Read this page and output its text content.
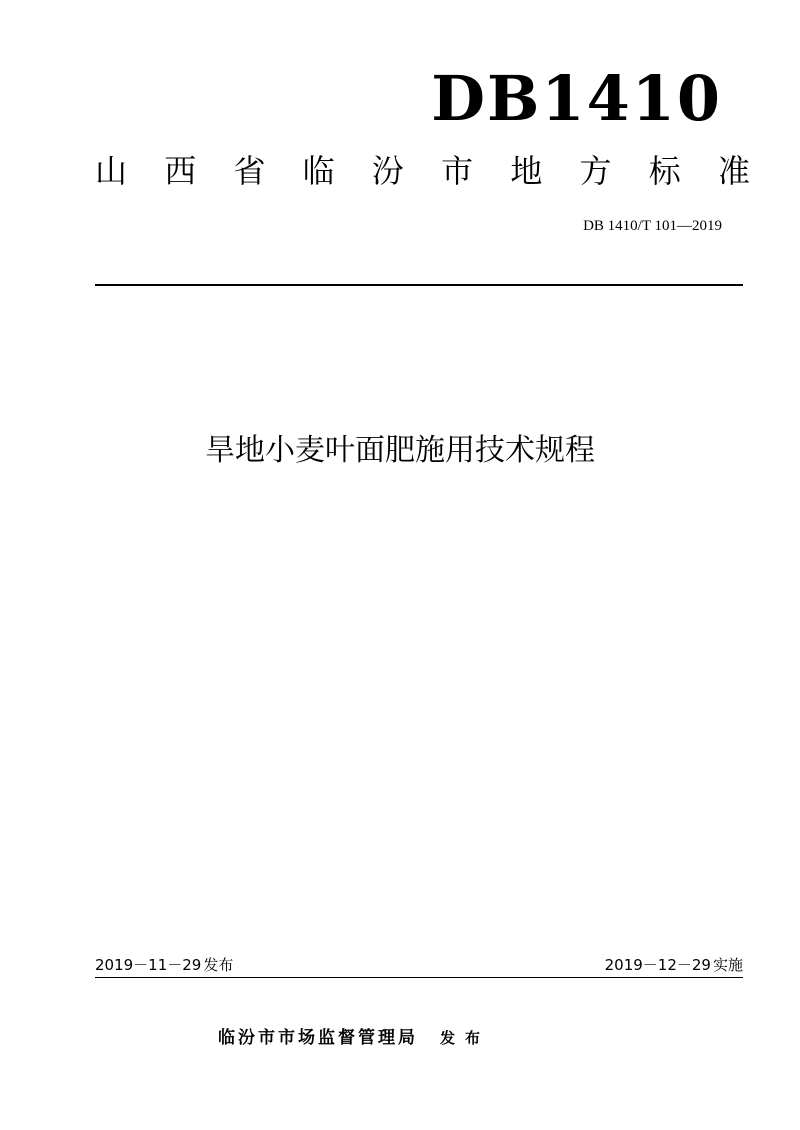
DB1410
山 西 省 临 汾 市 地 方 标 准
DB 1410/T 101—2019
旱地小麦叶面肥施用技术规程
2019－11－29 发布	2019－12－29 实施
临汾市市场监督管理局 发布
